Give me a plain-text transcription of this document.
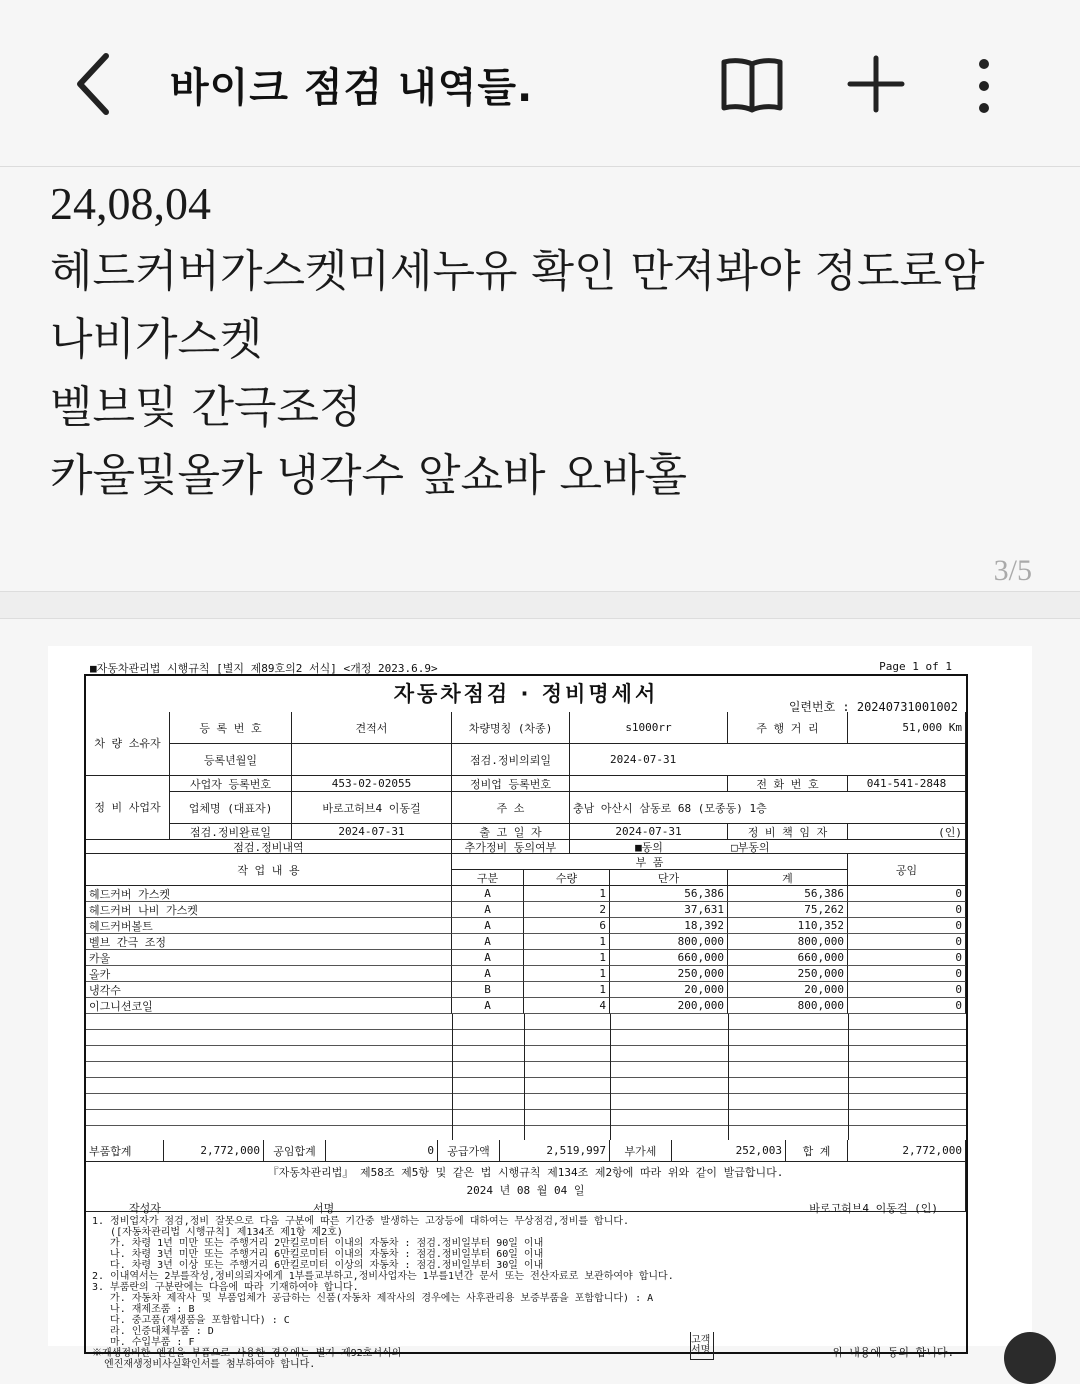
바이크 점검 내역들.
24,08,04
헤드커버가스켓미세누유 확인 만져봐야 정도로암
나비가스켓
벨브및 간극조정
카울및올카 냉각수 앞쇼바 오바홀
3/5
■자동차관리법 시행규칙 [별지 제89호의2 서식] <개정 2023.6.9>	Page 1 of 1
자동차점검 · 정비명세서
일련번호 : 20240731001002
차 량 소유자
등 록 번 호	견적서	차량명칭 (차종)	s1000rr	주 행 거 리	51,000 Km
등록년월일	점검.정비의뢰일	2024-07-31
정 비 사업자
사업자 등록번호	453-02-02055	정비업 등록번호	전 화 번 호	041-541-2848
업체명 (대표자)	바로고허브4 이동걸	주 소	충남 아산시 삼동로 68 (모종동) 1층
점검.정비완료일	2024-07-31	출 고 일 자	2024-07-31	정 비 책 임 자	(인)
점검.정비내역	추가정비 동의여부	■동의	□부동의
작 업 내 용
부 품
공임
구분	수량	단가	계
헤드커버 가스켓	A	1	56,386	56,386	0
헤드커버 나비 가스켓	A	2	37,631	75,262	0
헤드커버볼트	A	6	18,392	110,352	0
벨브 간극 조정	A	1	800,000	800,000	0
카울	A	1	660,000	660,000	0
올카	A	1	250,000	250,000	0
냉각수	B	1	20,000	20,000	0
이그니션코일	A	4	200,000	800,000	0
부품합계	2,772,000	공임합계	0	공급가액	2,519,997	부가세	252,003	합 계	2,772,000
『자동차관리법』 제58조 제5항 및 같은 법 시행규칙 제134조 제2항에 따라 위와 같이 발급합니다.
2024 년 08 월 04 일
작성자	서명	바로고허브4 이동걸 (인)
1. 정비업자가 점검,정비 잘못으로 다음 구분에 따른 기간중 발생하는 고장등에 대하여는 무상점검,정비를 합니다.
([자동차관리법 시행규칙] 제134조 제1항 제2호)
가. 차령 1년 미만 또는 주행거리 2만킬로미터 이내의 자동차 : 점검.정비일부터 90일 이내
나. 차령 3년 미만 또는 주행거리 6만킬로미터 이내의 자동차 : 점검.정비일부터 60일 이내
다. 차령 3년 이상 또는 주행거리 6만킬로미터 이상의 자동차 : 점검.정비일부터 30일 이내
2. 이내역서는 2부를작성,정비의뢰자에게 1부를교부하고,정비사업자는 1부를1년간 문서 또는 전산자료로 보관하여야 합니다.
3. 부품란의 구분란에는 다음에 따라 기재하여야 합니다.
가. 자동차 제작사 및 부품업체가 공급하는 신품(자동차 제작사의 경우에는 사후관리용 보증부품을 포함합니다) : A
나. 재제조품 : B
다. 중고품(재생품을 포함합니다) : C
라. 인증대체부품 : D
마. 수입부품 : F
※재생정비한 엔진을 부품으로 사용한 경우에는 별지 제92호서식의
엔진재생정비사실확인서를 첨부하여야 합니다.
고객서명	위 내용에 동의 합니다.
